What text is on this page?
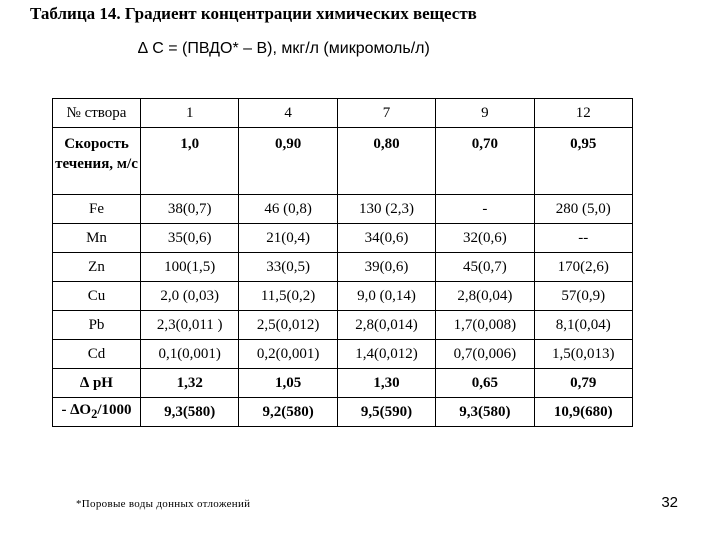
Таблица 14. Градиент концентрации химических веществ
∆ С = (ПВДО* – В), мкг/л (микромоль/л)
№ створа	1	4	7	9	12
Скорость течения, м/с	1,0	0,90	0,80	0,70	0,95
Fe	38(0,7)	46 (0,8)	130 (2,3)	-	280 (5,0)
Mn	35(0,6)	21(0,4)	34(0,6)	32(0,6)	--
Zn	100(1,5)	33(0,5)	39(0,6)	45(0,7)	170(2,6)
Cu	2,0 (0,03)	11,5(0,2)	9,0 (0,14)	2,8(0,04)	57(0,9)
Pb	2,3(0,011 )	2,5(0,012)	2,8(0,014)	1,7(0,008)	8,1(0,04)
Cd	0,1(0,001)	0,2(0,001)	1,4(0,012)	0,7(0,006)	1,5(0,013)
∆ pH	1,32	1,05	1,30	0,65	0,79
- $\Delta O_2/1000$	9,3(580)	9,2(580)	9,5(590)	9,3(580)	10,9(680)
*Поровые воды донных отложений	32
